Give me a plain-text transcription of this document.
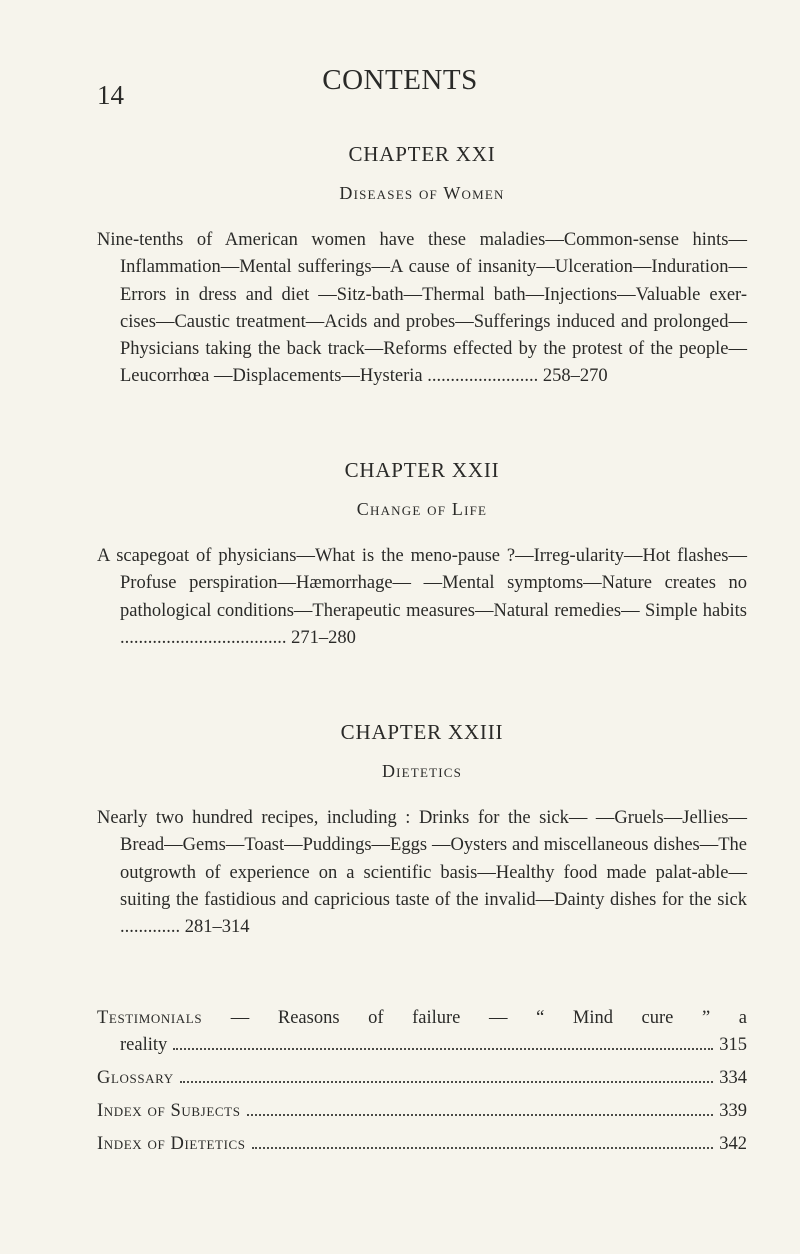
14	CONTENTS
CHAPTER XXI
Diseases of Women
Nine-tenths of American women have these maladies—Common-sense hints—Inflammation—Mental sufferings—A cause of insanity—Ulceration—Induration—Errors in dress and diet —Sitz-bath—Thermal bath—Injections—Valuable exer-cises—Caustic treatment—Acids and probes—Sufferings induced and prolonged—Physicians taking the back track—Reforms effected by the protest of the people—Leucorrhœa —Displacements—Hysteria ........................ 258–270
CHAPTER XXII
Change of Life
A scapegoat of physicians—What is the meno-pause ?—Irreg-ularity—Hot flashes—Profuse perspiration—Hæmorrhage— —Mental symptoms—Nature creates no pathological conditions—Therapeutic measures—Natural remedies— Simple habits .................................... 271–280
CHAPTER XXIII
Dietetics
Nearly two hundred recipes, including : Drinks for the sick— —Gruels—Jellies—Bread—Gems—Toast—Puddings—Eggs —Oysters and miscellaneous dishes—The outgrowth of experience on a scientific basis—Healthy food made palat-able—suiting the fastidious and capricious taste of the invalid—Dainty dishes for the sick ............. 281–314
Testimonials — Reasons of failure — “ Mind cure ” a
reality	315
Glossary	334
Index of Subjects	339
Index of Dietetics	342
